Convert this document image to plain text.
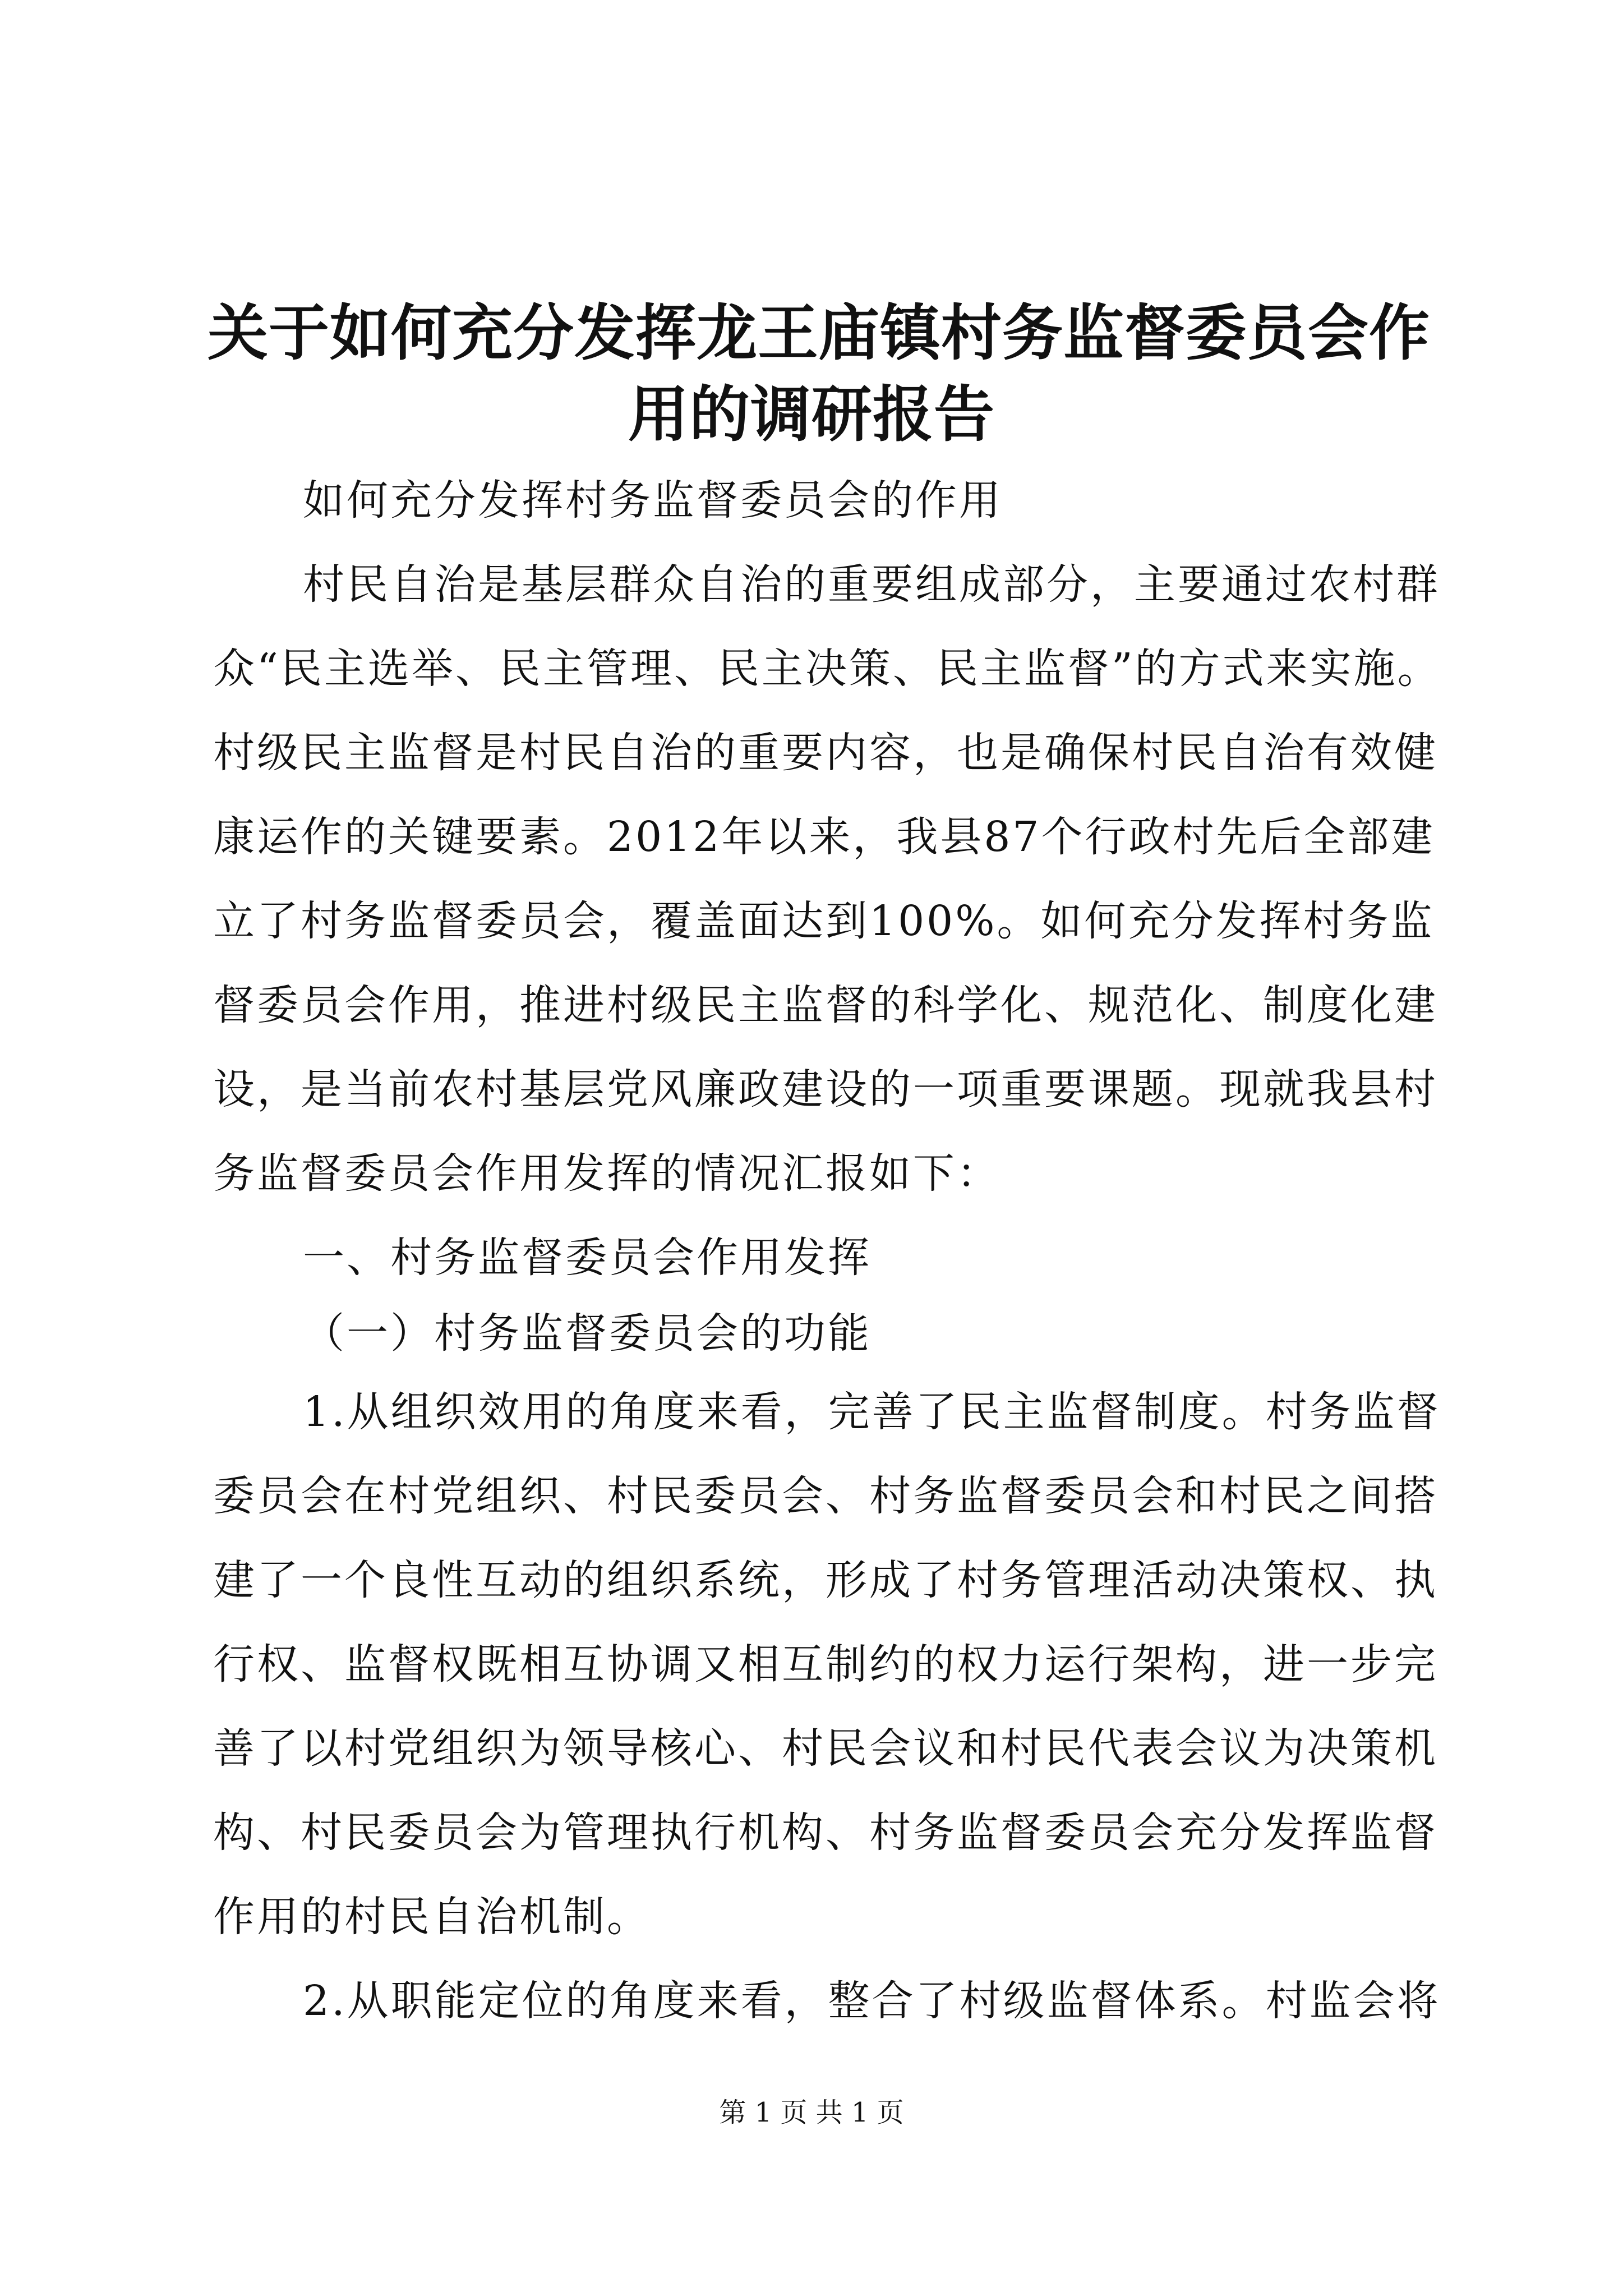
关于如何充分发挥龙王庙镇村务监督委员会作
用的调研报告
如何充分发挥村务监督委员会的作用
村民自治是基层群众自治的重要组成部分，主要通过农村群
众“民主选举、民主管理、民主决策、民主监督”的方式来实施。
村级民主监督是村民自治的重要内容，也是确保村民自治有效健
康运作的关键要素。2012年以来，我县87个行政村先后全部建
立了村务监督委员会，覆盖面达到100%。如何充分发挥村务监
督委员会作用，推进村级民主监督的科学化、规范化、制度化建
设，是当前农村基层党风廉政建设的一项重要课题。现就我县村
务监督委员会作用发挥的情况汇报如下：
一、村务监督委员会作用发挥
（一）村务监督委员会的功能
1.从组织效用的角度来看，完善了民主监督制度。村务监督
委员会在村党组织、村民委员会、村务监督委员会和村民之间搭
建了一个良性互动的组织系统，形成了村务管理活动决策权、执
行权、监督权既相互协调又相互制约的权力运行架构，进一步完
善了以村党组织为领导核心、村民会议和村民代表会议为决策机
构、村民委员会为管理执行机构、村务监督委员会充分发挥监督
作用的村民自治机制。
2.从职能定位的角度来看，整合了村级监督体系。村监会将
第 1 页 共 1 页
